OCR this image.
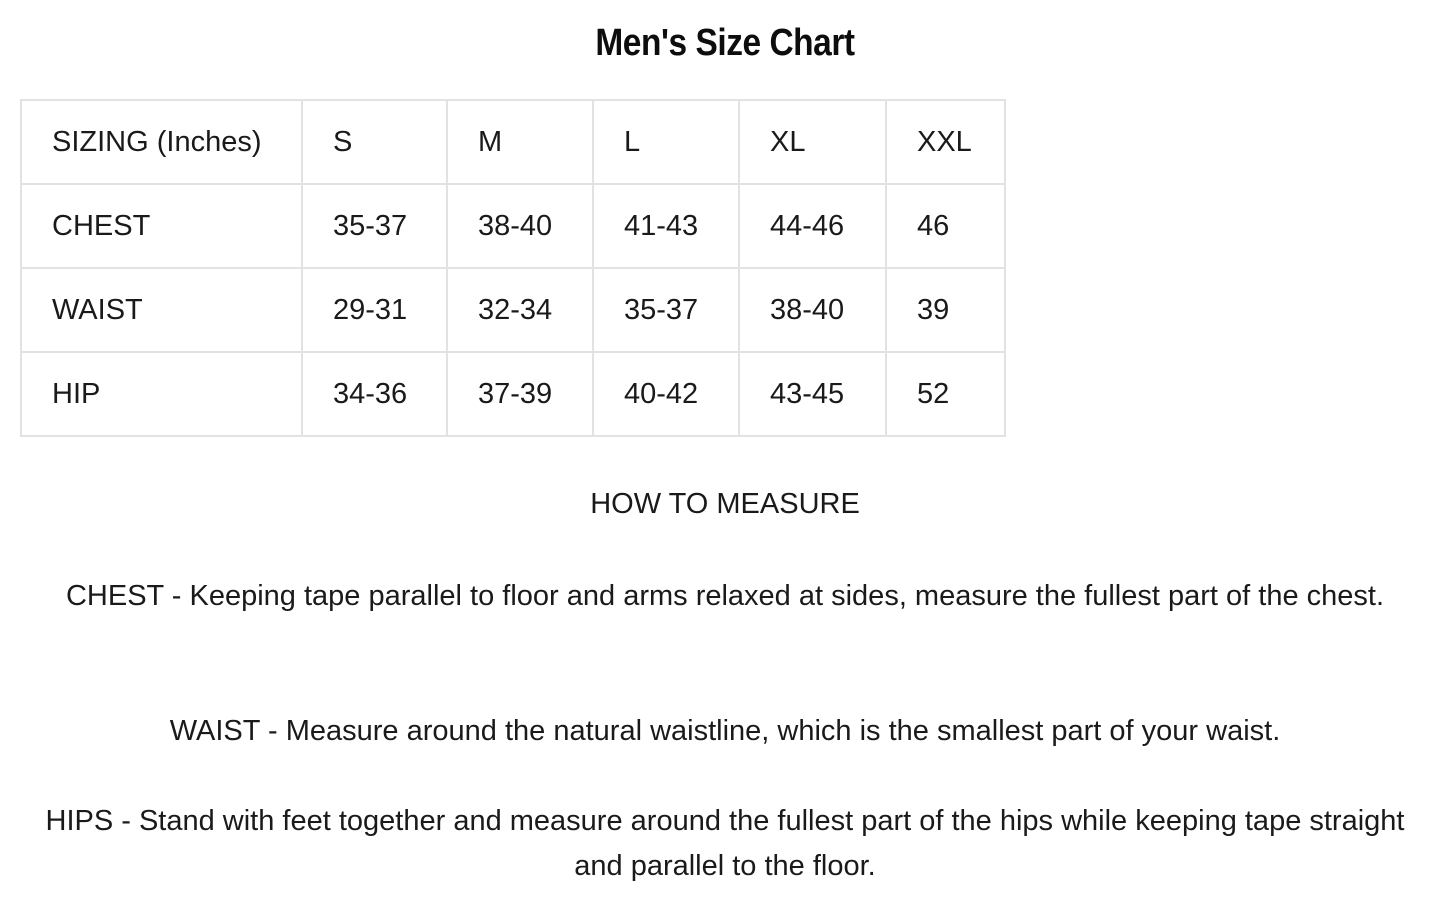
Men's Size Chart
SIZING (Inches)	S	M	L	XL	XXL
CHEST	35-37	38-40	41-43	44-46	46
WAIST	29-31	32-34	35-37	38-40	39
HIP	34-36	37-39	40-42	43-45	52
HOW TO MEASURE
CHEST - Keeping tape parallel to floor and arms relaxed at sides, measure the fullest part of the chest.
WAIST - Measure around the natural waistline, which is the smallest part of your waist.
HIPS - Stand with feet together and measure around the fullest part of the hips while keeping tape straight and parallel to the floor.
